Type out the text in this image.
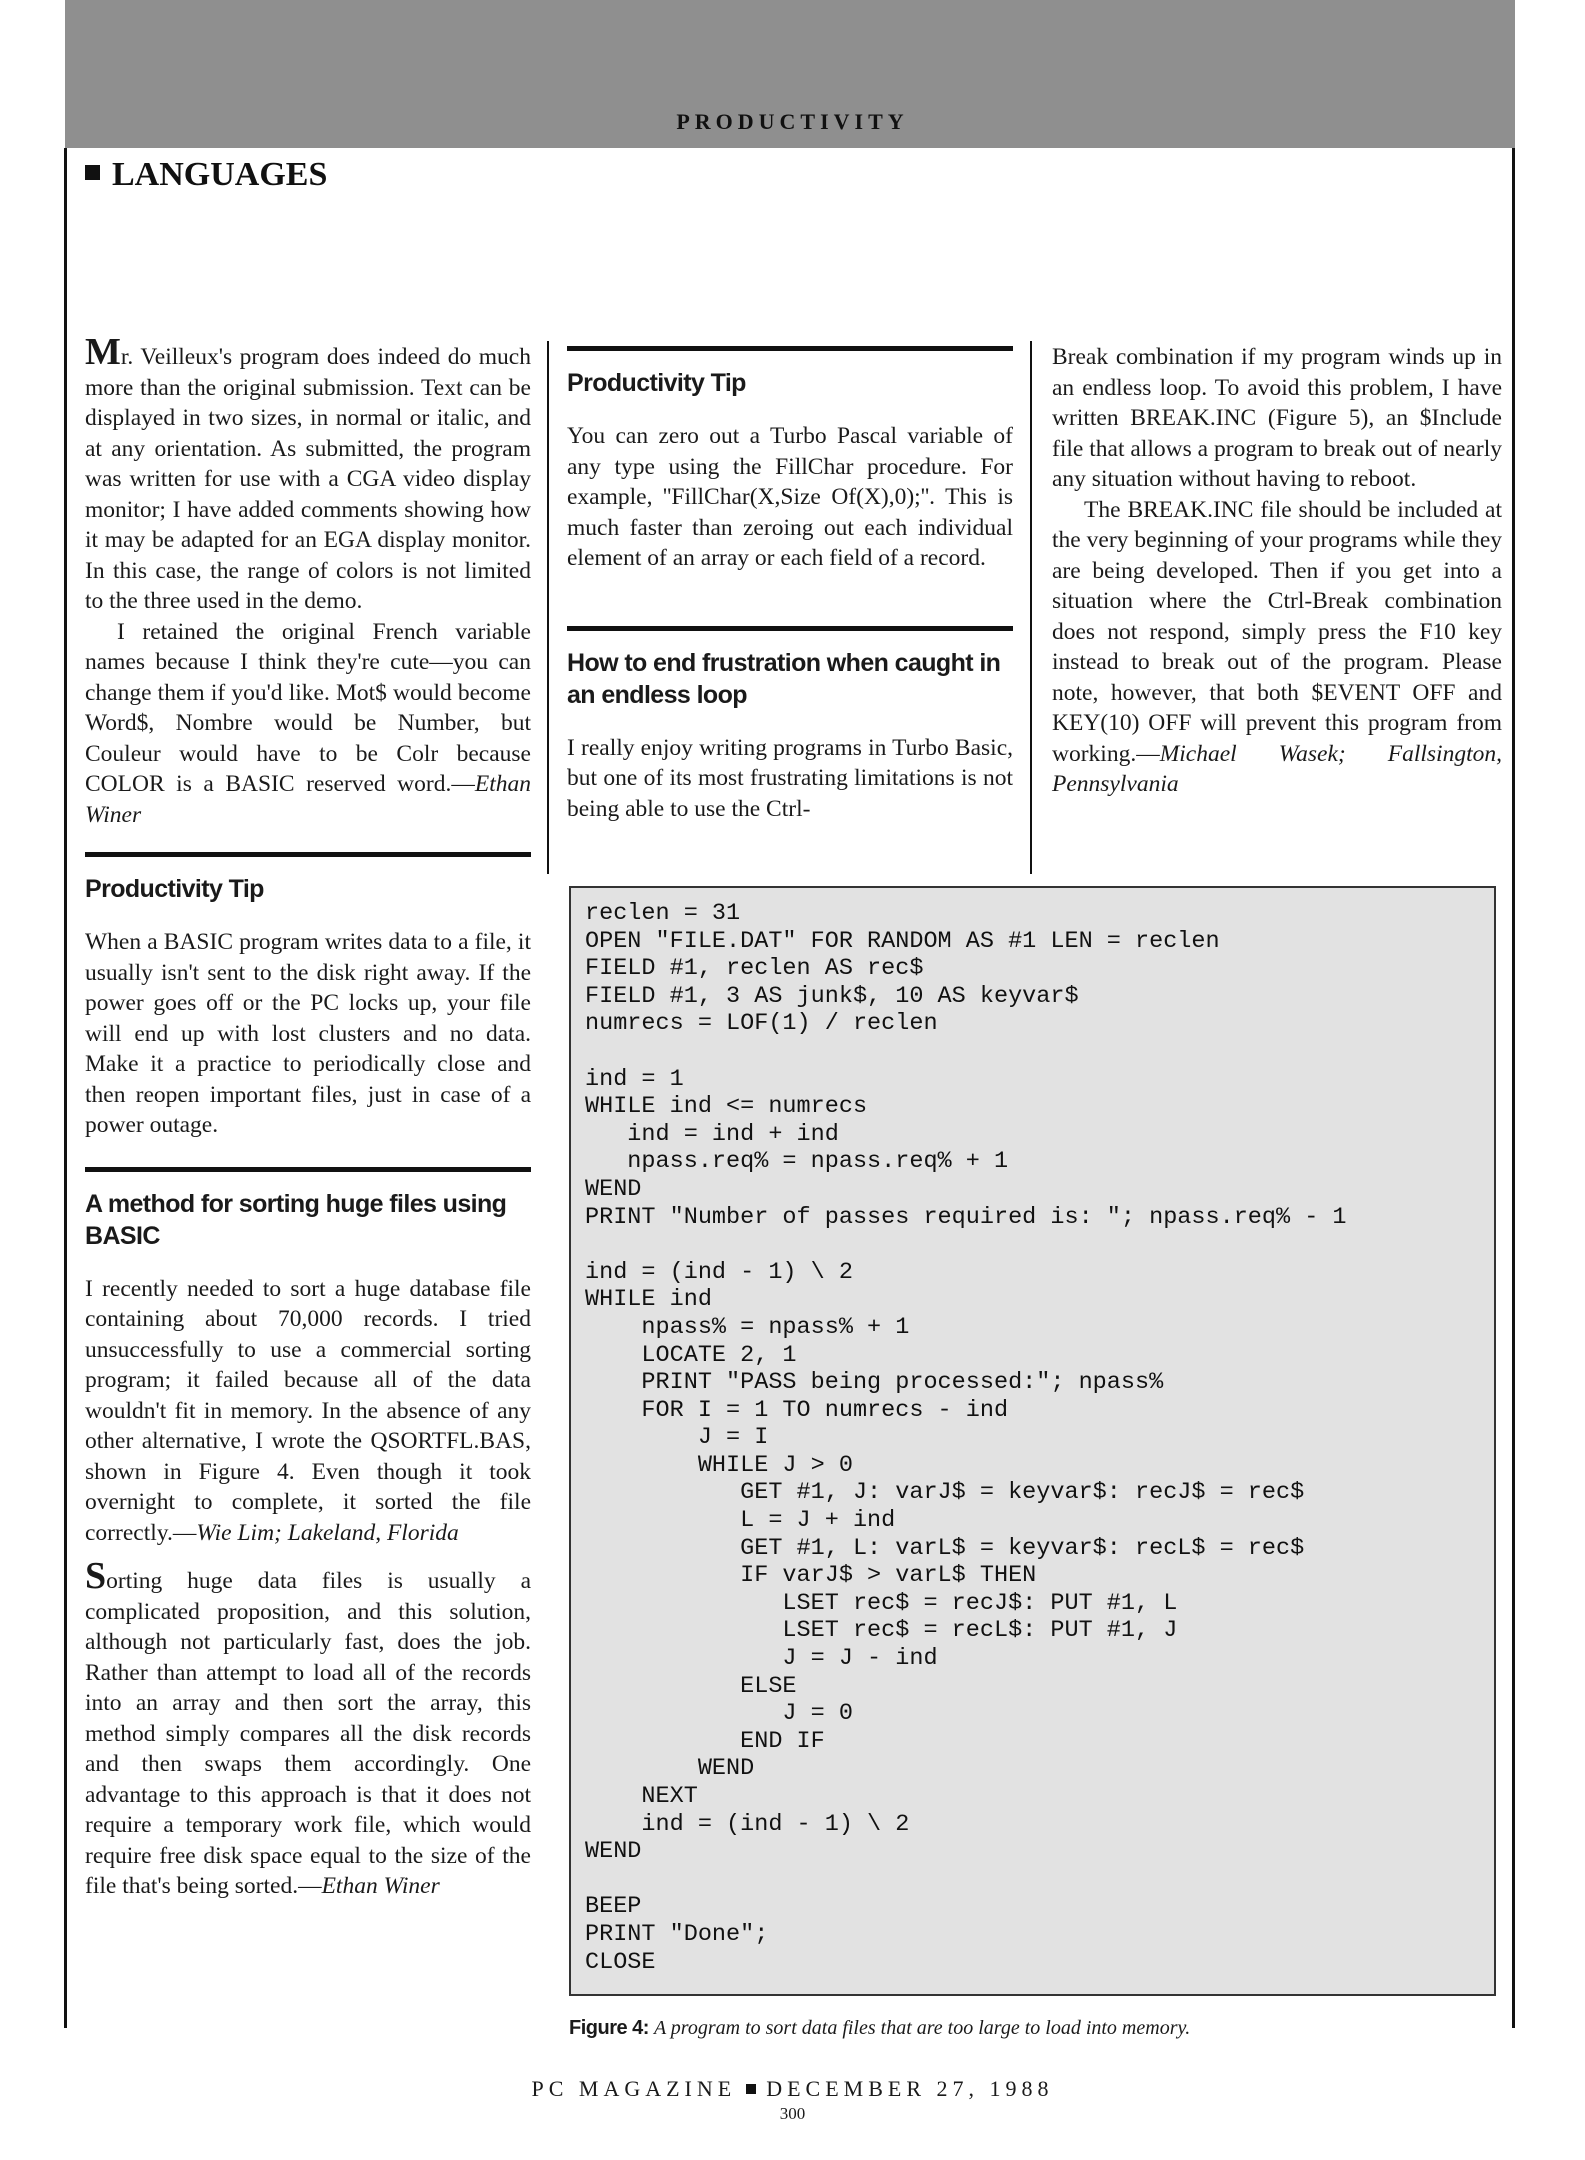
PRODUCTIVITY
LANGUAGES

Mr. Veilleux's program does indeed do much more than the original submission. Text can be displayed in two sizes, in normal or italic, and at any orientation. As submitted, the program was written for use with a CGA video display monitor; I have added comments showing how it may be adapted for an EGA display monitor. In this case, the range of colors is not limited to the three used in the demo.

I retained the original French variable names because I think they're cute—you can change them if you'd like. Mot$ would become Word$, Nombre would be Number, but Couleur would have to be Colr because COLOR is a BASIC reserved word.—Ethan Winer

Productivity Tip

When a BASIC program writes data to a file, it usually isn't sent to the disk right away. If the power goes off or the PC locks up, your file will end up with lost clusters and no data. Make it a practice to periodically close and then reopen important files, just in case of a power outage.

A method for sorting huge files using BASIC

I recently needed to sort a huge database file containing about 70,000 records. I tried unsuccessfully to use a commercial sorting program; it failed because all of the data wouldn't fit in memory. In the absence of any other alternative, I wrote the QSORTFL.BAS, shown in Figure 4. Even though it took overnight to complete, it sorted the file correctly.—Wie Lim; Lakeland, Florida

Sorting huge data files is usually a complicated proposition, and this solution, although not particularly fast, does the job. Rather than attempt to load all of the records into an array and then sort the array, this method simply compares all the disk records and then swaps them accordingly. One advantage to this approach is that it does not require a temporary work file, which would require free disk space equal to the size of the file that's being sorted.—Ethan Winer

Productivity Tip

You can zero out a Turbo Pascal variable of any type using the FillChar procedure. For example, ''FillChar(X,Size Of(X),0);''. This is much faster than zeroing out each individual element of an array or each field of a record.

How to end frustration when caught in an endless loop

I really enjoy writing programs in Turbo Basic, but one of its most frustrating limitations is not being able to use the Ctrl-

Break combination if my program winds up in an endless loop. To avoid this problem, I have written BREAK.INC (Figure 5), an $Include file that allows a program to break out of nearly any situation without having to reboot.

The BREAK.INC file should be included at the very beginning of your programs while they are being developed. Then if you get into a situation where the Ctrl-Break combination does not respond, simply press the F10 key instead to break out of the program. Please note, however, that both $EVENT OFF and KEY(10) OFF will prevent this program from working.—Michael Wasek; Fallsington, Pennsylvania

reclen = 31
OPEN "FILE.DAT" FOR RANDOM AS #1 LEN = reclen
FIELD #1, reclen AS rec$
FIELD #1, 3 AS junk$, 10 AS keyvar$
numrecs = LOF(1) / reclen

ind = 1
WHILE ind <= numrecs
ind = ind + ind
npass.req% = npass.req% + 1
WEND
PRINT "Number of passes required is: "; npass.req% - 1

ind = (ind - 1) \ 2
WHILE ind
npass% = npass% + 1
LOCATE 2, 1
PRINT "PASS being processed:"; npass%
FOR I = 1 TO numrecs - ind
J = I
WHILE J > 0
GET #1, J: varJ$ = keyvar$: recJ$ = rec$
L = J + ind
GET #1, L: varL$ = keyvar$: recL$ = rec$
IF varJ$ > varL$ THEN
LSET rec$ = recJ$: PUT #1, L
LSET rec$ = recL$: PUT #1, J
J = J - ind
ELSE
J = 0
END IF
WEND
NEXT
ind = (ind - 1) \ 2
WEND

BEEP
PRINT "Done";
CLOSE
Figure 4: A program to sort data files that are too large to load into memory.
PC MAGAZINE DECEMBER 27, 1988
300
